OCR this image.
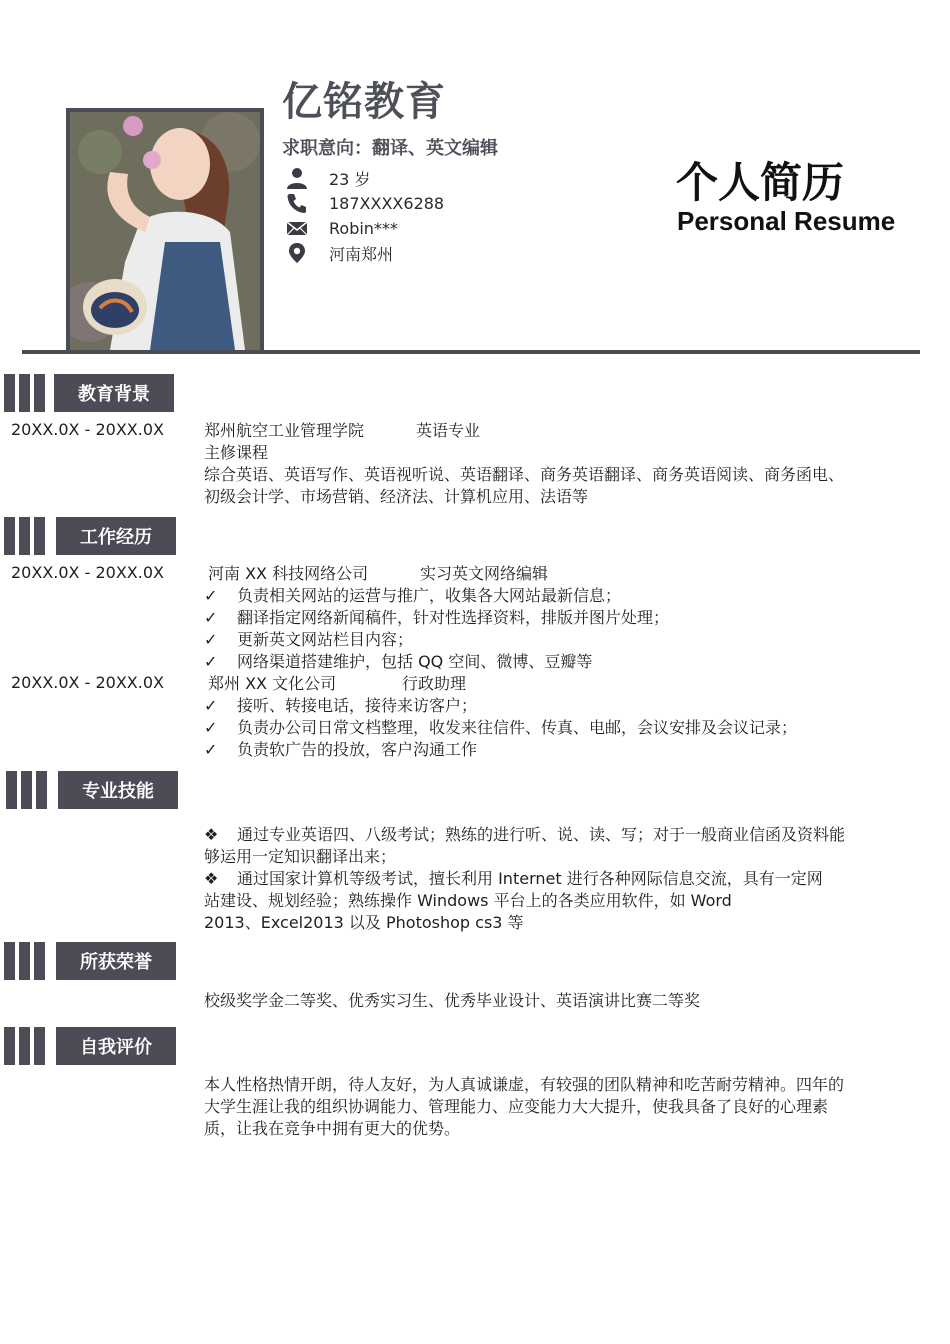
亿铭教育
求职意向：翻译、英文编辑
23 岁
187XXXX6288
Robin***
河南郑州
个人简历
Personal Resume
教育背景
20XX.0X - 20XX.0X	郑州航空工业管理学院	英语专业
主修课程
综合英语、英语写作、英语视听说、英语翻译、商务英语翻译、商务英语阅读、商务函电、
初级会计学、市场营销、经济法、计算机应用、法语等
工作经历
20XX.0X - 20XX.0X	河南 XX 科技网络公司	实习英文网络编辑
✓ 负责相关网站的运营与推广，收集各大网站最新信息；
✓ 翻译指定网络新闻稿件，针对性选择资料，排版并图片处理；
✓ 更新英文网站栏目内容；
✓ 网络渠道搭建维护，包括 QQ 空间、微博、豆瓣等
20XX.0X - 20XX.0X	郑州 XX 文化公司	行政助理
✓ 接听、转接电话，接待来访客户；
✓ 负责办公司日常文档整理，收发来往信件、传真、电邮，会议安排及会议记录；
✓ 负责软广告的投放，客户沟通工作
专业技能
❖ 通过专业英语四、八级考试；熟练的进行听、说、读、写；对于一般商业信函及资料能
够运用一定知识翻译出来；
❖ 通过国家计算机等级考试，擅长利用 Internet 进行各种网际信息交流，具有一定网
站建设、规划经验；熟练操作 Windows 平台上的各类应用软件，如 Word
2013、Excel2013 以及 Photoshop cs3 等
所获荣誉
校级奖学金二等奖、优秀实习生、优秀毕业设计、英语演讲比赛二等奖
自我评价
本人性格热情开朗，待人友好，为人真诚谦虚，有较强的团队精神和吃苦耐劳精神。四年的
大学生涯让我的组织协调能力、管理能力、应变能力大大提升，使我具备了良好的心理素
质，让我在竞争中拥有更大的优势。
